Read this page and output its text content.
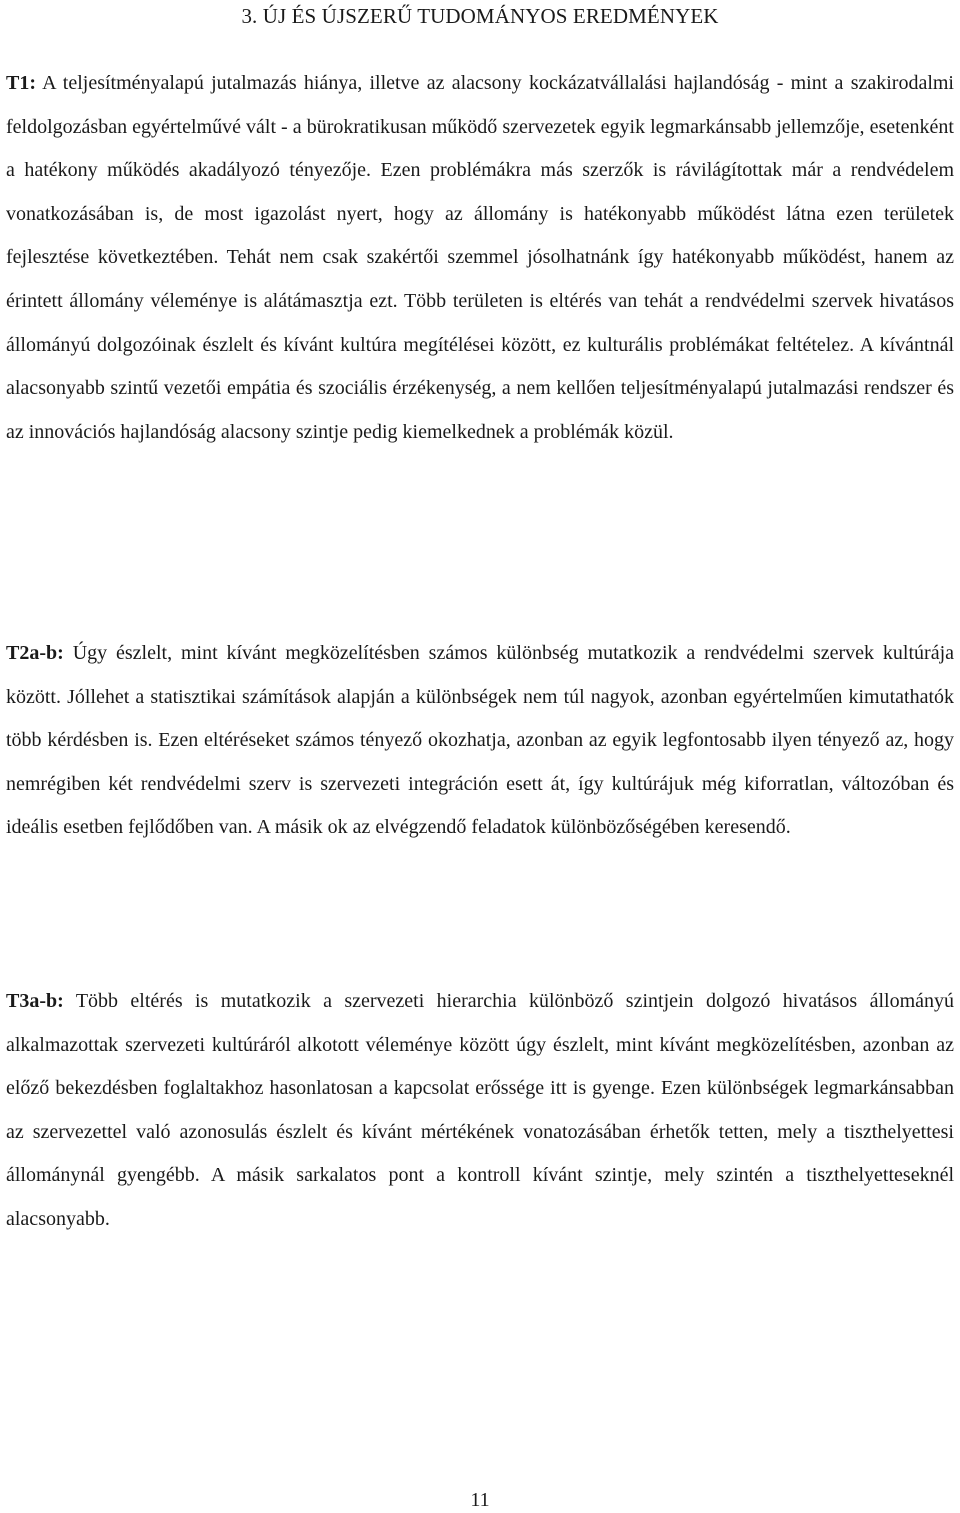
3. ÚJ ÉS ÚJSZERŰ TUDOMÁNYOS EREDMÉNYEK

T1: A teljesítményalapú jutalmazás hiánya, illetve az alacsony kockázatvállalási hajlandóság - mint a szakirodalmi feldolgozásban egyértelművé vált - a bürokratikusan működő szervezetek egyik legmarkánsabb jellemzője, esetenként a hatékony működés akadályozó tényezője. Ezen problémákra más szerzők is rávilágítottak már a rendvédelem vonatkozásában is, de most igazolást nyert, hogy az állomány is hatékonyabb működést látna ezen területek fejlesztése következtében. Tehát nem csak szakértői szemmel jósolhatnánk így hatékonyabb működést, hanem az érintett állomány véleménye is alátámasztja ezt. Több területen is eltérés van tehát a rendvédelmi szervek hivatásos állományú dolgozóinak észlelt és kívánt kultúra megítélései között, ez kulturális problémákat feltételez. A kívántnál alacsonyabb szintű vezetői empátia és szociális érzékenység, a nem kellően teljesítményalapú jutalmazási rendszer és az innovációs hajlandóság alacsony szintje pedig kiemelkednek a problémák közül.

T2a-b: Úgy észlelt, mint kívánt megközelítésben számos különbség mutatkozik a rendvédelmi szervek kultúrája között. Jóllehet a statisztikai számítások alapján a különbségek nem túl nagyok, azonban egyértelműen kimutathatók több kérdésben is. Ezen eltéréseket számos tényező okozhatja, azonban az egyik legfontosabb ilyen tényező az, hogy nemrégiben két rendvédelmi szerv is szervezeti integráción esett át, így kultúrájuk még kiforratlan, változóban és ideális esetben fejlődőben van. A másik ok az elvégzendő feladatok különbözőségében keresendő.

T3a-b: Több eltérés is mutatkozik a szervezeti hierarchia különböző szintjein dolgozó hivatásos állományú alkalmazottak szervezeti kultúráról alkotott véleménye között úgy észlelt, mint kívánt megközelítésben, azonban az előző bekezdésben foglaltakhoz hasonlatosan a kapcsolat erőssége itt is gyenge. Ezen különbségek legmarkánsabban az szervezettel való azonosulás észlelt és kívánt mértékének vonatozásában érhetők tetten, mely a tiszthelyettesi állománynál gyengébb. A másik sarkalatos pont a kontroll kívánt szintje, mely szintén a tiszthelyetteseknél alacsonyabb.

11
